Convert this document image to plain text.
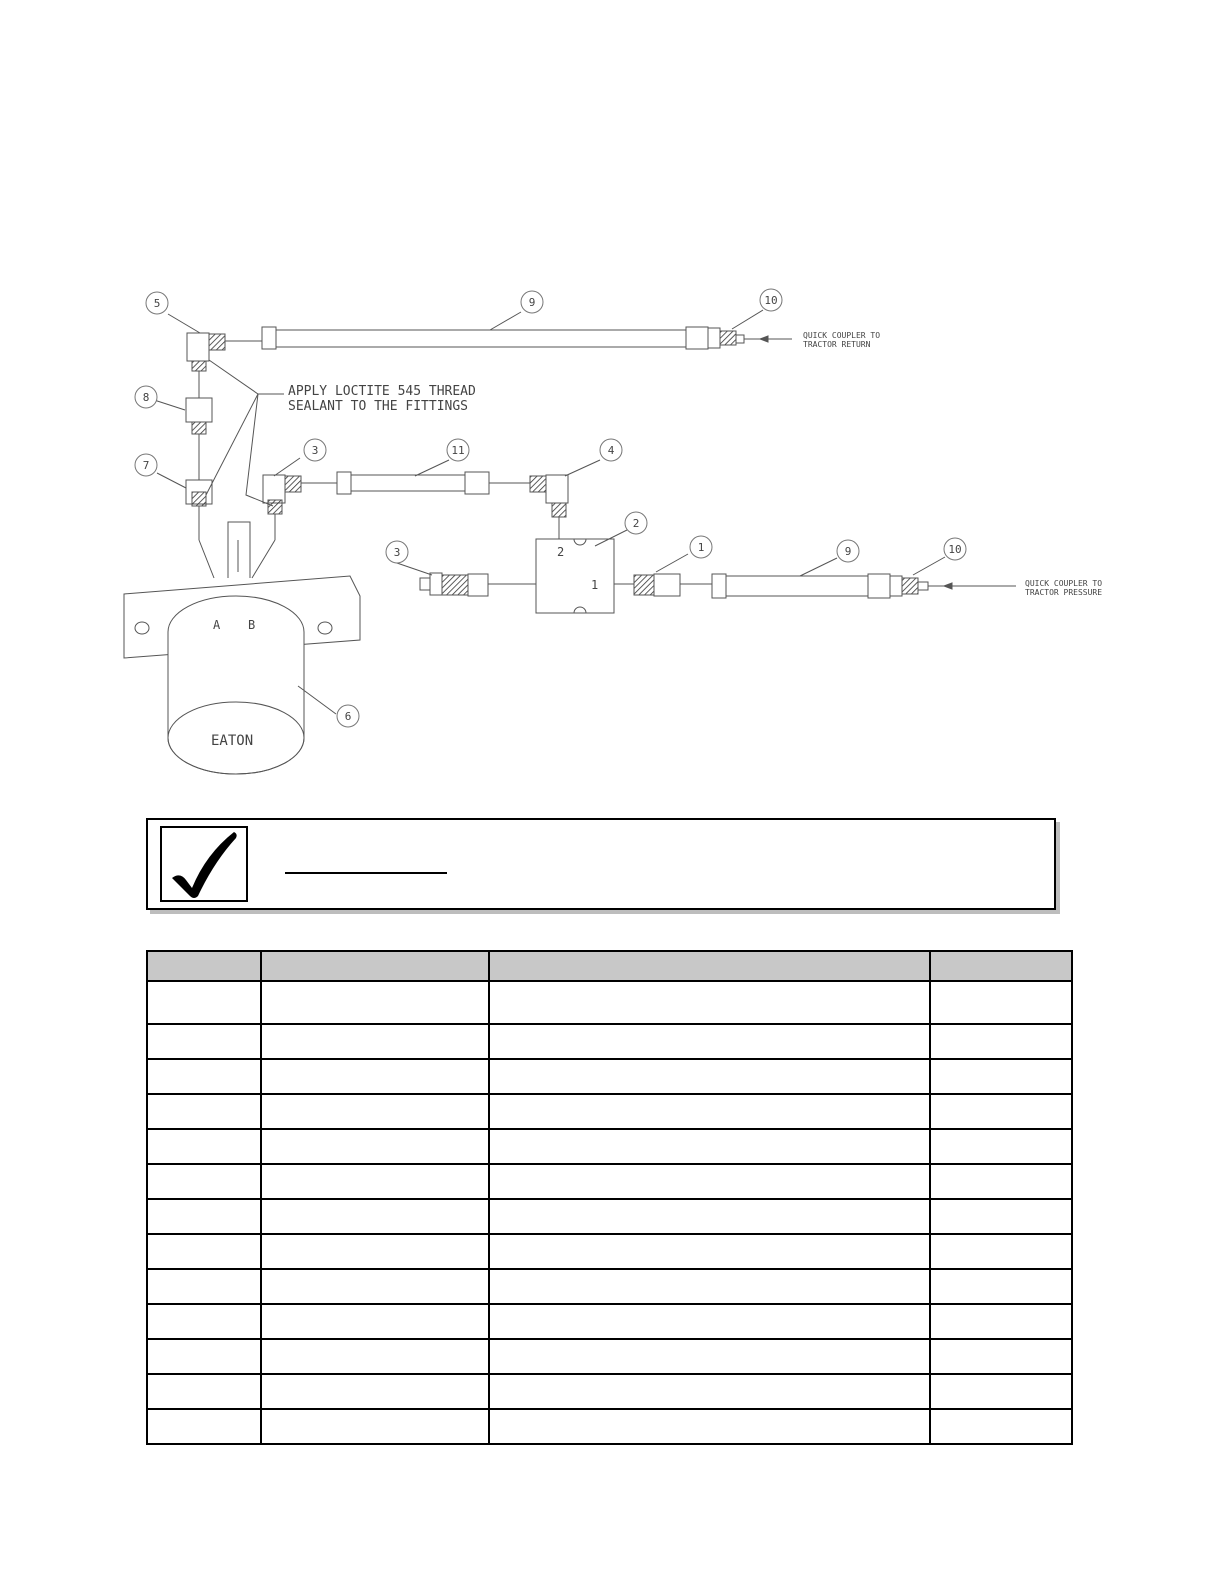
5	9	10
8
7
3	11	4
2
3	1	9	10
6
A B
2
1
EATON
APPLY LOCTITE 545 THREAD
SEALANT TO THE FITTINGS
QUICK COUPLER TO
TRACTOR RETURN
QUICK COUPLER TO
TRACTOR PRESSURE
